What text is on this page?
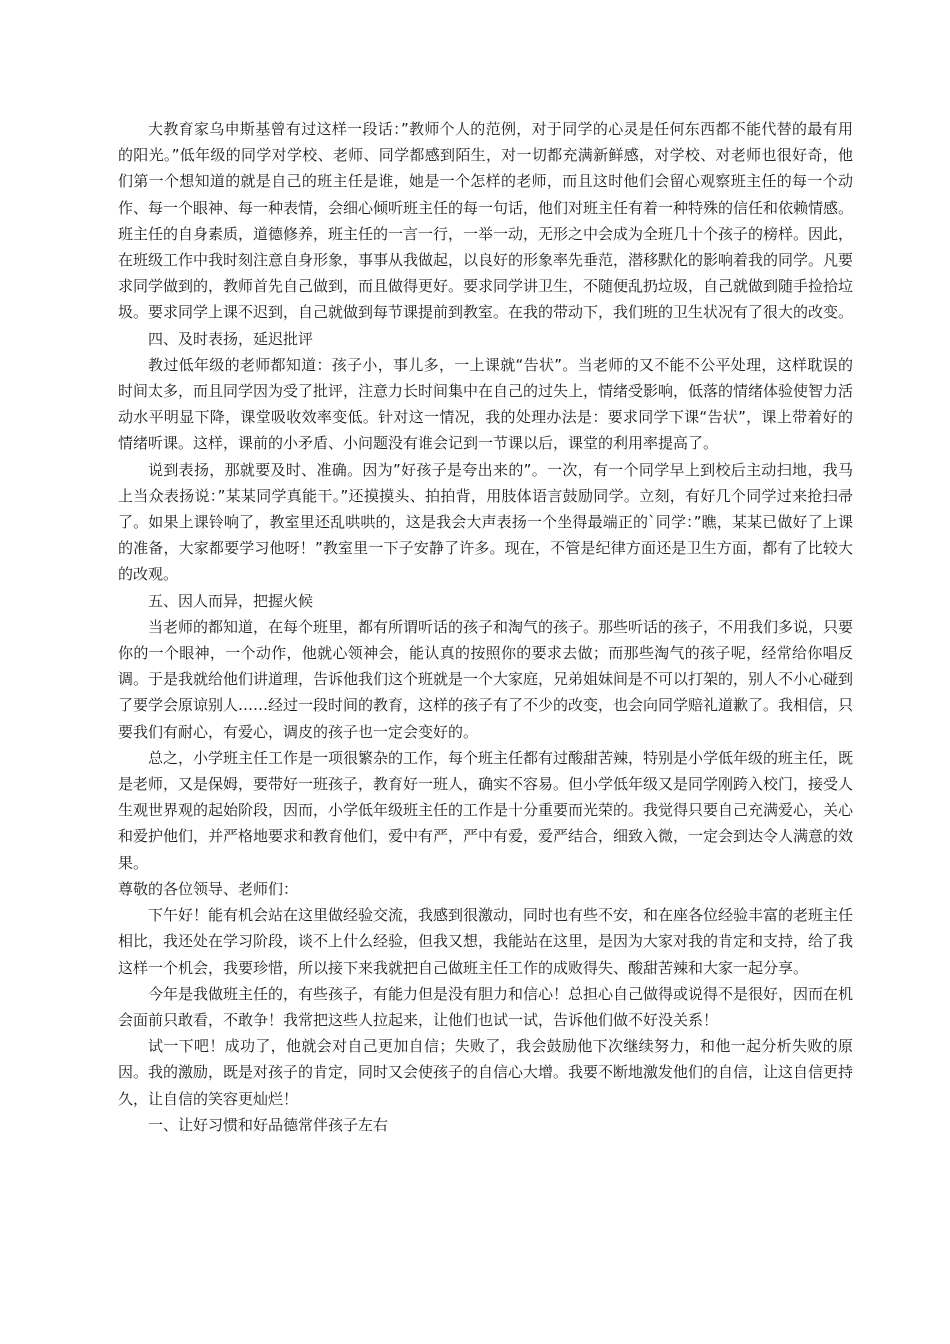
大教育家乌申斯基曾有过这样一段话：”教师个人的范例，对于同学的心灵是任何东西都不能代替的最有用的阳光。”低年级的同学对学校、老师、同学都感到陌生，对一切都充满新鲜感，对学校、对老师也很好奇，他们第一个想知道的就是自己的班主任是谁，她是一个怎样的老师，而且这时他们会留心观察班主任的每一个动作、每一个眼神、每一种表情，会细心倾听班主任的每一句话，他们对班主任有着一种特殊的信任和依赖情感。班主任的自身素质，道德修养，班主任的一言一行，一举一动，无形之中会成为全班几十个孩子的榜样。因此，在班级工作中我时刻注意自身形象，事事从我做起，以良好的形象率先垂范，潜移默化的影响着我的同学。凡要求同学做到的，教师首先自己做到，而且做得更好。要求同学讲卫生，不随便乱扔垃圾，自己就做到随手捡拾垃圾。要求同学上课不迟到，自己就做到每节课提前到教室。在我的带动下，我们班的卫生状况有了很大的改变。

四、及时表扬，延迟批评

教过低年级的老师都知道：孩子小，事儿多，一上课就“告状”。当老师的又不能不公平处理，这样耽误的时间太多，而且同学因为受了批评，注意力长时间集中在自己的过失上，情绪受影响，低落的情绪体验使智力活动水平明显下降，课堂吸收效率变低。针对这一情况，我的处理办法是：要求同学下课“告状”，课上带着好的情绪听课。这样，课前的小矛盾、小问题没有谁会记到一节课以后，课堂的利用率提高了。

说到表扬，那就要及时、准确。因为”好孩子是夸出来的”。一次，有一个同学早上到校后主动扫地，我马上当众表扬说：”某某同学真能干。”还摸摸头、拍拍背，用肢体语言鼓励同学。立刻，有好几个同学过来抢扫帚了。如果上课铃响了，教室里还乱哄哄的，这是我会大声表扬一个坐得最端正的`同学：”瞧，某某已做好了上课的准备，大家都要学习他呀！”教室里一下子安静了许多。现在，不管是纪律方面还是卫生方面，都有了比较大的改观。

五、因人而异，把握火候

当老师的都知道，在每个班里，都有所谓听话的孩子和淘气的孩子。那些听话的孩子，不用我们多说，只要你的一个眼神，一个动作，他就心领神会，能认真的按照你的要求去做；而那些淘气的孩子呢，经常给你唱反调。于是我就给他们讲道理，告诉他我们这个班就是一个大家庭，兄弟姐妹间是不可以打架的，别人不小心碰到了要学会原谅别人……经过一段时间的教育，这样的孩子有了不少的改变，也会向同学赔礼道歉了。我相信，只要我们有耐心，有爱心，调皮的孩子也一定会变好的。

总之，小学班主任工作是一项很繁杂的工作，每个班主任都有过酸甜苦辣，特别是小学低年级的班主任，既是老师，又是保姆，要带好一班孩子，教育好一班人，确实不容易。但小学低年级又是同学刚跨入校门，接受人生观世界观的起始阶段，因而，小学低年级班主任的工作是十分重要而光荣的。我觉得只要自己充满爱心，关心和爱护他们，并严格地要求和教育他们，爱中有严，严中有爱，爱严结合，细致入微，一定会到达令人满意的效果。

尊敬的各位领导、老师们：

下午好！能有机会站在这里做经验交流，我感到很激动，同时也有些不安，和在座各位经验丰富的老班主任相比，我还处在学习阶段，谈不上什么经验，但我又想，我能站在这里，是因为大家对我的肯定和支持，给了我这样一个机会，我要珍惜，所以接下来我就把自己做班主任工作的成败得失、酸甜苦辣和大家一起分享。

今年是我做班主任的，有些孩子，有能力但是没有胆力和信心！总担心自己做得或说得不是很好，因而在机会面前只敢看，不敢争！我常把这些人拉起来，让他们也试一试，告诉他们做不好没关系！

试一下吧！成功了，他就会对自己更加自信；失败了，我会鼓励他下次继续努力，和他一起分析失败的原因。我的激励，既是对孩子的肯定，同时又会使孩子的自信心大增。我要不断地激发他们的自信，让这自信更持久，让自信的笑容更灿烂！

一、让好习惯和好品德常伴孩子左右
